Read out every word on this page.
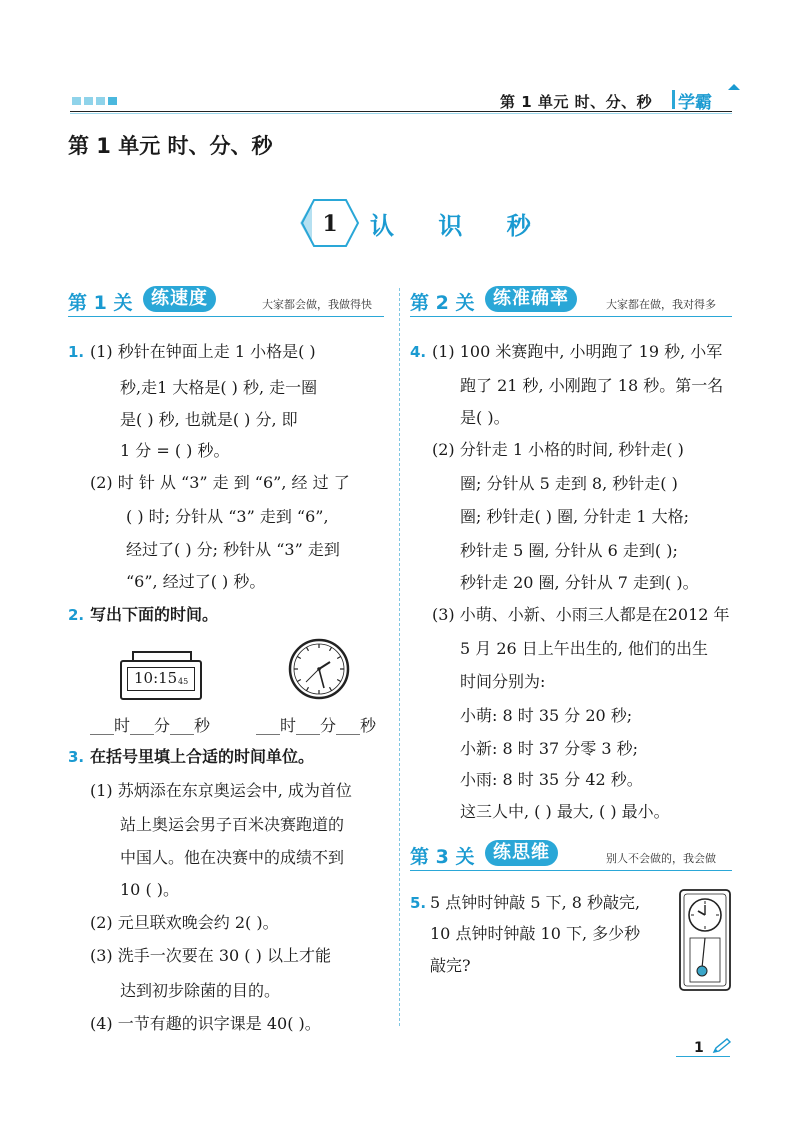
第 1 单元 时、分、秒 学霸
第 1 单元 时、分、秒
1 认 识 秒
第 1 关	练速度	大家都会做，我做得快 第 2 关	练准确率	大家都在做，我对得多
1. (1) 秒针在钟面上走 1 小格是( )
秒,走1 大格是( ) 秒, 走一圈
是( ) 秒, 也就是( ) 分, 即
1 分 = ( ) 秒。
(2) 时 针 从 “3” 走 到 “6”, 经 过 了
( ) 时; 分针从 “3” 走到 “6”,
经过了( ) 分; 秒针从 “3” 走到
“6”, 经过了( ) 秒。
2. 写出下面的时间。
10:15 45
___时___分___秒	___时___分___秒
3. 在括号里填上合适的时间单位。
(1) 苏炳添在东京奥运会中, 成为首位
站上奥运会男子百米决赛跑道的
中国人。他在决赛中的成绩不到
10 ( )。
(2) 元旦联欢晚会约 2( )。
(3) 洗手一次要在 30 ( ) 以上才能
达到初步除菌的目的。
(4) 一节有趣的识字课是 40( )。
4. (1) 100 米赛跑中, 小明跑了 19 秒, 小军
跑了 21 秒, 小刚跑了 18 秒。第一名
是( )。
(2) 分针走 1 小格的时间, 秒针走( )
圈; 分针从 5 走到 8, 秒针走( )
圈; 秒针走( ) 圈, 分针走 1 大格;
秒针走 5 圈, 分针从 6 走到( );
秒针走 20 圈, 分针从 7 走到( )。
(3) 小萌、小新、小雨三人都是在2012 年
5 月 26 日上午出生的, 他们的出生
时间分别为:
小萌: 8 时 35 分 20 秒;
小新: 8 时 37 分零 3 秒;
小雨: 8 时 35 分 42 秒。
这三人中, ( ) 最大, ( ) 最小。
第 3 关	练思维	别人不会做的，我会做
5. 5 点钟时钟敲 5 下, 8 秒敲完,
10 点钟时钟敲 10 下, 多少秒
敲完?
1
